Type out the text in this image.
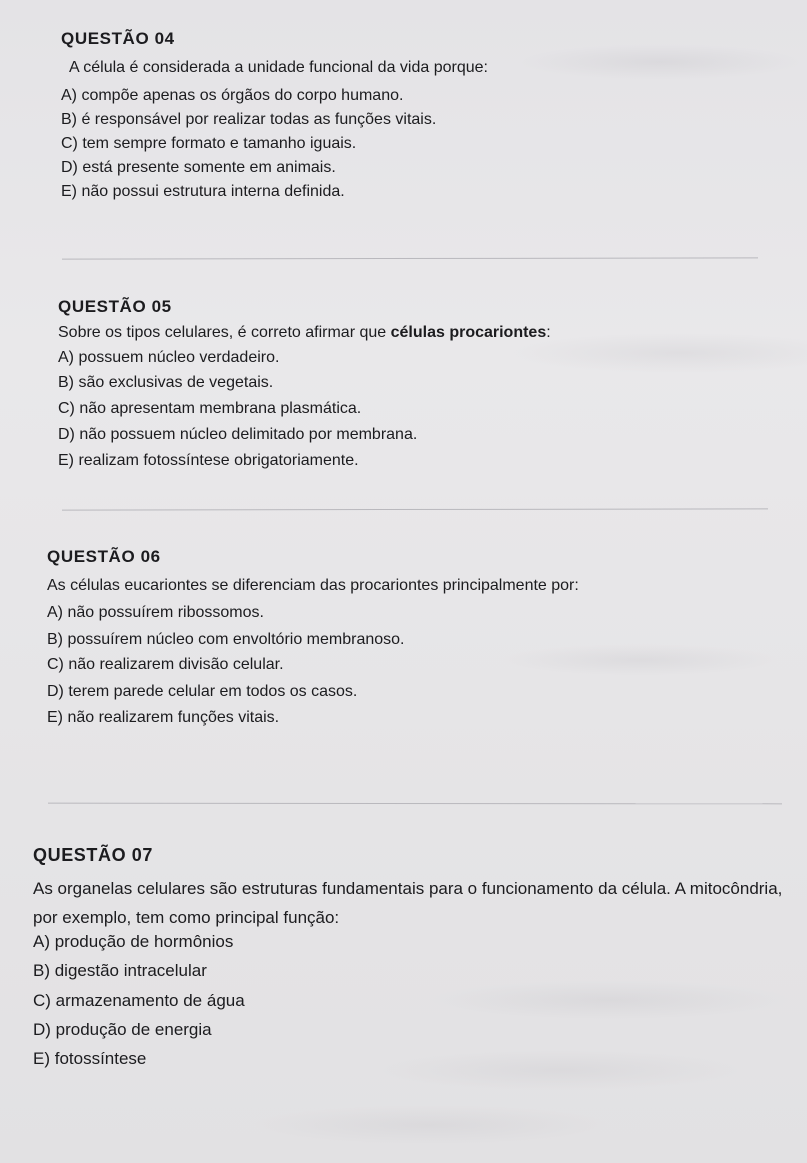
QUESTÃO 04

A célula é considerada a unidade funcional da vida porque:

A) compõe apenas os órgãos do corpo humano.
B) é responsável por realizar todas as funções vitais.
C) tem sempre formato e tamanho iguais.
D) está presente somente em animais.
E) não possui estrutura interna definida.
QUESTÃO 05

Sobre os tipos celulares, é correto afirmar que células procariontes:

A) possuem núcleo verdadeiro.
B) são exclusivas de vegetais.
C) não apresentam membrana plasmática.
D) não possuem núcleo delimitado por membrana.
E) realizam fotossíntese obrigatoriamente.
QUESTÃO 06

As células eucariontes se diferenciam das procariontes principalmente por:

A) não possuírem ribossomos.
B) possuírem núcleo com envoltório membranoso.
C) não realizarem divisão celular.
D) terem parede celular em todos os casos.
E) não realizarem funções vitais.
QUESTÃO 07

As organelas celulares são estruturas fundamentais para o funcionamento da célula. A mitocôndria, por exemplo, tem como principal função:

A) produção de hormônios
B) digestão intracelular
C) armazenamento de água
D) produção de energia
E) fotossíntese
